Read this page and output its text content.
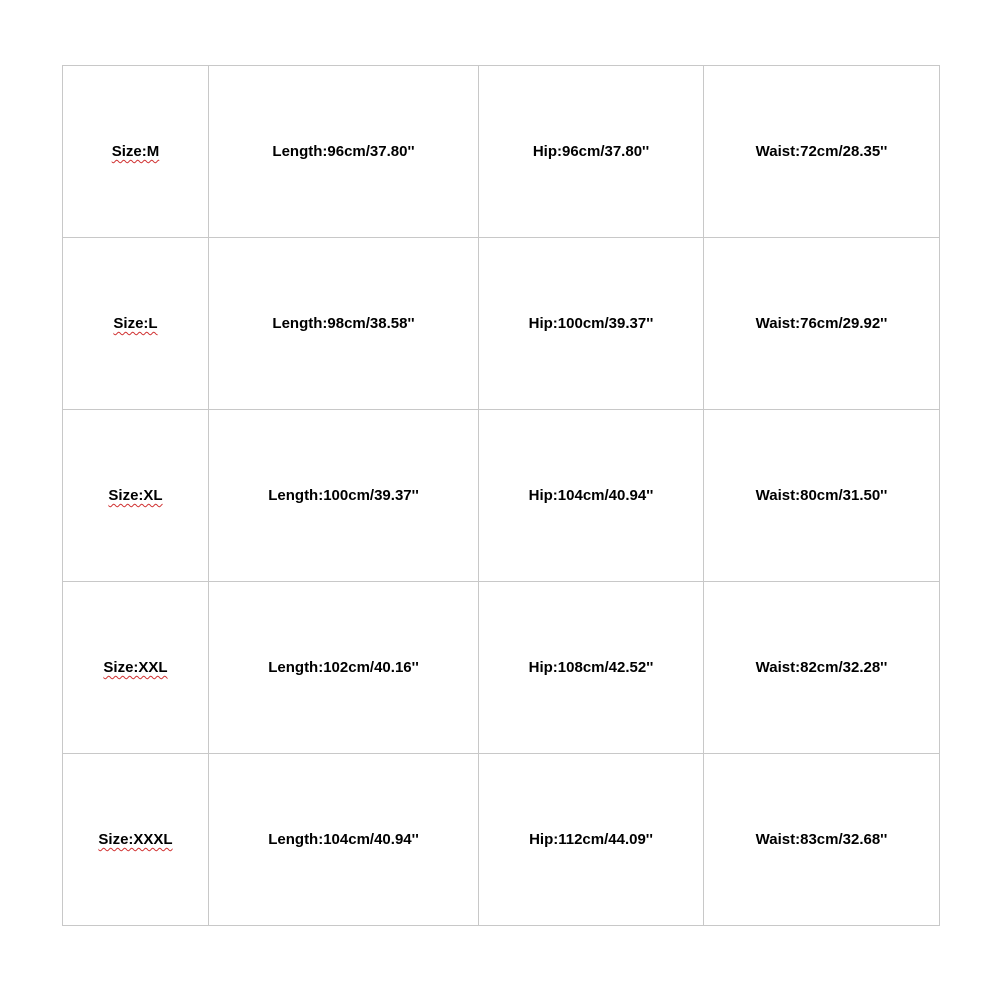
Size:M	Length:96cm/37.80''	Hip:96cm/37.80''	Waist:72cm/28.35''
Size:L	Length:98cm/38.58''	Hip:100cm/39.37''	Waist:76cm/29.92''
Size:XL	Length:100cm/39.37''	Hip:104cm/40.94''	Waist:80cm/31.50''
Size:XXL	Length:102cm/40.16''	Hip:108cm/42.52''	Waist:82cm/32.28''
Size:XXXL	Length:104cm/40.94''	Hip:112cm/44.09''	Waist:83cm/32.68''
